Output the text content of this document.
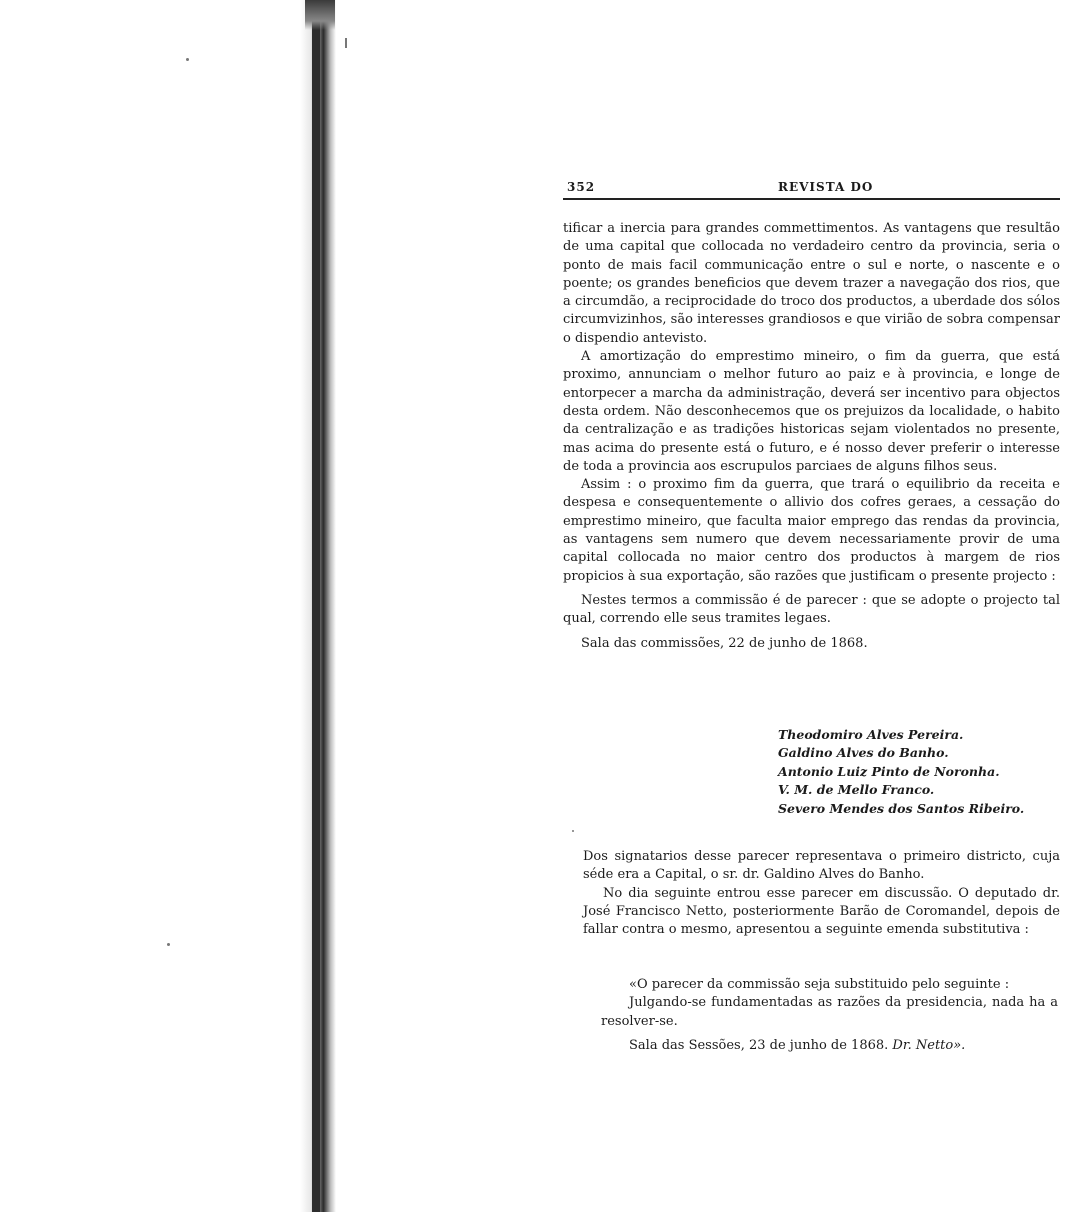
352	REVISTA DO

tificar a inercia para grandes commettimentos. As vantagens que resultão de uma capital que collocada no verdadeiro centro da provincia, seria o ponto de mais facil communicação entre o sul e norte, o nascente e o poente; os grandes beneficios que devem trazer a navegação dos rios, que a circumdão, a reciprocidade do troco dos productos, a uberdade dos sólos circumvizinhos, são interesses grandiosos e que virião de sobra compensar o dispendio antevisto.

A amortização do emprestimo mineiro, o fim da guerra, que está proximo, annunciam o melhor futuro ao paiz e à provincia, e longe de entorpecer a marcha da administração, deverá ser incentivo para objectos desta ordem. Não desconhecemos que os prejuizos da localidade, o habito da centralização e as tradições historicas sejam violentados no presente, mas acima do presente está o futuro, e é nosso dever preferir o interesse de toda a provincia aos escrupulos parciaes de alguns filhos seus.

Assim : o proximo fim da guerra, que trará o equilibrio da receita e despesa e consequentemente o allivio dos cofres geraes, a cessação do emprestimo mineiro, que faculta maior emprego das rendas da provincia, as vantagens sem numero que devem necessariamente provir de uma capital collocada no maior centro dos productos à margem de rios propicios à sua exportação, são razões que justificam o presente projecto :

Nestes termos a commissão é de parecer : que se adopte o projecto tal qual, correndo elle seus tramites legaes.

Sala das commissões, 22 de junho de 1868.

Theodomiro Alves Pereira.
Galdino Alves do Banho.
Antonio Luiz Pinto de Noronha.
V. M. de Mello Franco.
Severo Mendes dos Santos Ribeiro.

Dos signatarios desse parecer representava o primeiro districto, cuja séde era a Capital, o sr. dr. Galdino Alves do Banho.

No dia seguinte entrou esse parecer em discussão. O deputado dr. José Francisco Netto, posteriormente Barão de Coromandel, depois de fallar contra o mesmo, apresentou a seguinte emenda substitutiva :

«O parecer da commissão seja substituido pelo seguinte :

Julgando-se fundamentadas as razões da presidencia, nada ha a resolver-se.

Sala das Sessões, 23 de junho de 1868. Dr. Netto».
